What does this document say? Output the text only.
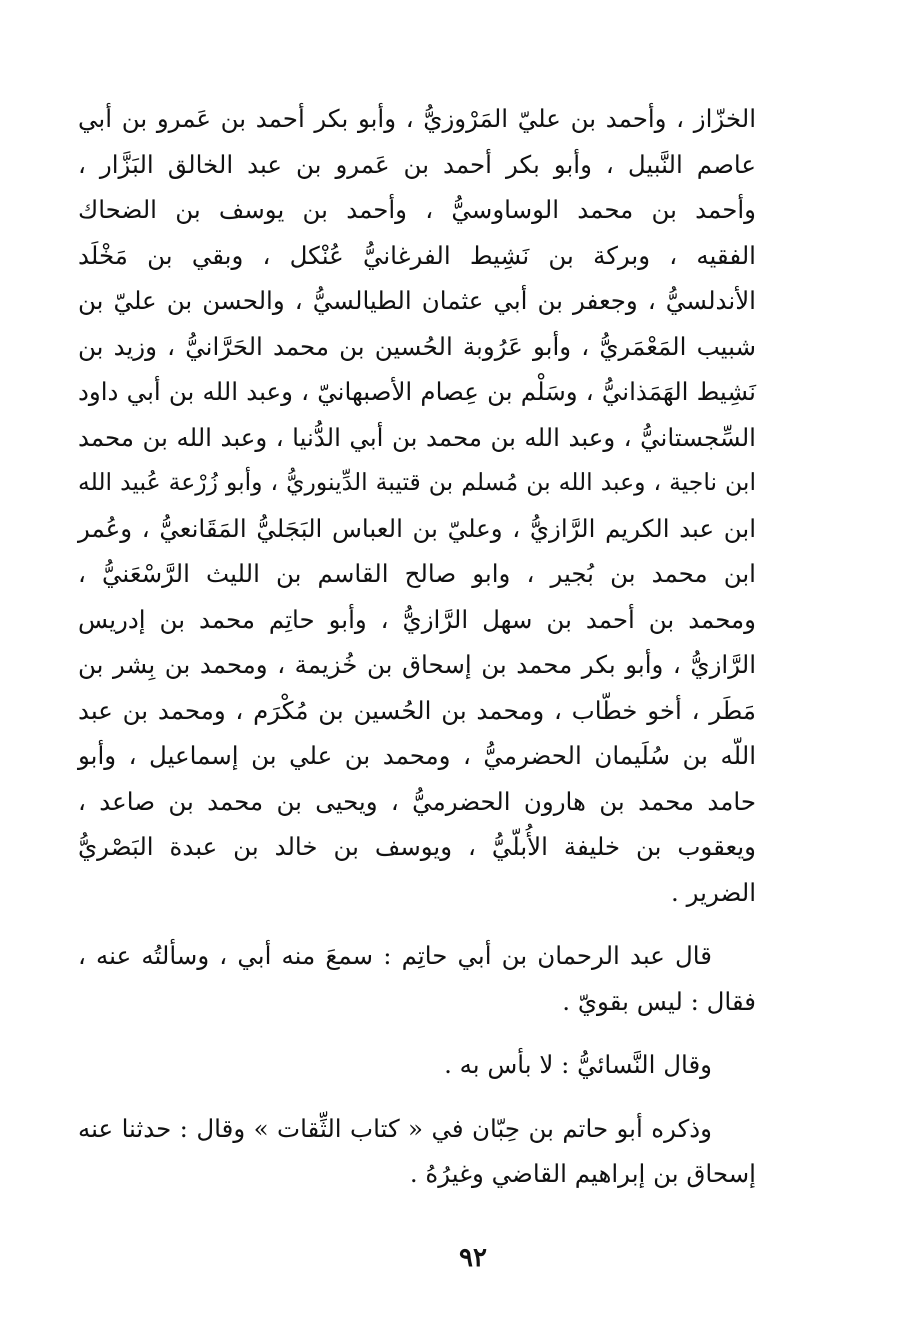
الخزّاز ، وأحمد بن عليّ المَرْوزيُّ ، وأبو بكر أحمد بن عَمرو بن أبي
عاصم النَّبيل ، وأبو بكر أحمد بن عَمرو بن عبد الخالق البَزَّار ،
وأحمد بن محمد الوساوسيُّ ، وأحمد بن يوسف بن الضحاك
الفقيه ، وبركة بن نَشِيط الفرغانيُّ عُنْكل ، وبقي بن مَخْلَد
الأندلسيُّ ، وجعفر بن أبي عثمان الطيالسيُّ ، والحسن بن عليّ بن
شبيب المَعْمَريُّ ، وأبو عَرُوبة الحُسين بن محمد الحَرَّانيُّ ، وزيد بن
نَشِيط الهَمَذانيُّ ، وسَلْم بن عِصام الأصبهانيّ ، وعبد الله بن أبي داود
السِّجستانيُّ ، وعبد الله بن محمد بن أبي الدُّنيا ، وعبد الله بن محمد
ابن ناجية ، وعبد الله بن مُسلم بن قتيبة الدِّينوريُّ ، وأبو زُرْعة عُبيد الله
ابن عبد الكريم الرَّازيُّ ، وعليّ بن العباس البَجَليُّ المَقَانعيُّ ، وعُمر
ابن محمد بن بُجير ، وابو صالح القاسم بن الليث الرَّسْعَنيُّ ،
ومحمد بن أحمد بن سهل الرَّازيُّ ، وأبو حاتِم محمد بن إدريس
الرَّازيُّ ، وأبو بكر محمد بن إسحاق بن خُزيمة ، ومحمد بن بِشر بن
مَطَر ، أخو خطّاب ، ومحمد بن الحُسين بن مُكْرَم ، ومحمد بن عبد
اللّه بن سُلَيمان الحضرميُّ ، ومحمد بن علي بن إسماعيل ، وأبو
حامد محمد بن هارون الحضرميُّ ، ويحيى بن محمد بن صاعد ،
ويعقوب بن خليفة الأُبلّيُّ ، ويوسف بن خالد بن عبدة البَصْريُّ
الضرير .
قال عبد الرحمان بن أبي حاتِم : سمعَ منه أبي ، وسألتُه عنه ،
فقال : ليس بقويّ .
وقال النَّسائيُّ : لا بأس به .
وذكره أبو حاتم بن حِبّان في « كتاب الثِّقات » وقال : حدثنا عنه
إسحاق بن إبراهيم القاضي وغيرُهُ .
٩٢
